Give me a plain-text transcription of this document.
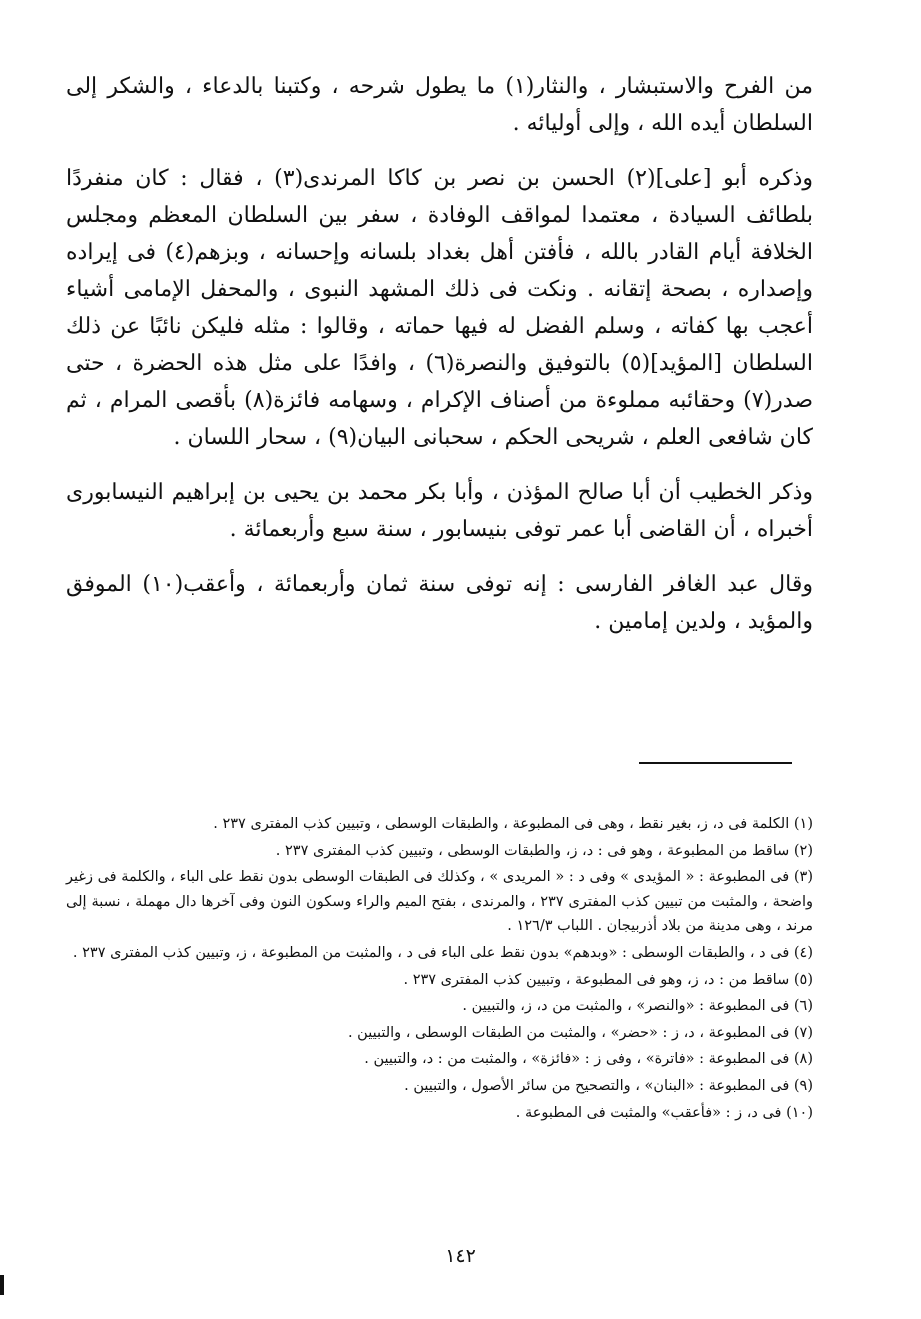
من الفرح والاستبشار ، والنثار(١) ما يطول شرحه ، وكتبنا بالدعاء ، والشكر إلى السلطان أيده الله ، وإلى أوليائه .

وذكره أبو [على](٢) الحسن بن نصر بن كاكا المرندى(٣) ، فقال : كان منفردًا بلطائف السيادة ، معتمدا لمواقف الوفادة ، سفر بين السلطان المعظم ومجلس الخلافة أيام القادر بالله ، فأفتن أهل بغداد بلسانه وإحسانه ، وبزهم(٤) فى إيراده وإصداره ، بصحة إتقانه . ونكت فى ذلك المشهد النبوى ، والمحفل الإمامى أشياء أعجب بها كفاته ، وسلم الفضل له فيها حماته ، وقالوا : مثله فليكن نائبًا عن ذلك السلطان [المؤيد](٥) بالتوفيق والنصرة(٦) ، وافدًا على مثل هذه الحضرة ، حتى صدر(٧) وحقائبه مملوءة من أصناف الإكرام ، وسهامه فائزة(٨) بأقصى المرام ، ثم كان شافعى العلم ، شريحى الحكم ، سحبانى البيان(٩) ، سحار اللسان .

وذكر الخطيب أن أبا صالح المؤذن ، وأبا بكر محمد بن يحيى بن إبراهيم النيسابورى أخبراه ، أن القاضى أبا عمر توفى بنيسابور ، سنة سبع وأربعمائة .

وقال عبد الغافر الفارسى : إنه توفى سنة ثمان وأربعمائة ، وأعقب(١٠) الموفق والمؤيد ، ولدين إمامين .

(١) الكلمة فى د، ز، بغير نقط ، وهى فى المطبوعة ، والطبقات الوسطى ، وتبيين كذب المفترى ٢٣٧ .

(٢) ساقط من المطبوعة ، وهو فى : د، ز، والطبقات الوسطى ، وتبيين كذب المفترى ٢٣٧ .

(٣) فى المطبوعة : « المؤيدى » وفى د : « المريدى » ، وكذلك فى الطبقات الوسطى بدون نقط على الباء ، والكلمة فى زغير واضحة ، والمثبت من تبيين كذب المفترى ٢٣٧ ، والمرندى ، بفتح الميم والراء وسكون النون وفى آخرها دال مهملة ، نسبة إلى مرند ، وهى مدينة من بلاد أذربيجان . اللباب ١٢٦/٣ .

(٤) فى د ، والطبقات الوسطى : «وبدهم» بدون نقط على الباء فى د ، والمثبت من المطبوعة ، ز، وتبيين كذب المفترى ٢٣٧ .

(٥) ساقط من : د، ز، وهو فى المطبوعة ، وتبيين كذب المفترى ٢٣٧ .

(٦) فى المطبوعة : «والنصر» ، والمثبت من د، ز، والتبيين .

(٧) فى المطبوعة ، د، ز : «حضر» ، والمثبت من الطبقات الوسطى ، والتبيين .

(٨) فى المطبوعة : «فاترة» ، وفى ز : «فائزة» ، والمثبت من : د، والتبيين .

(٩) فى المطبوعة : «البنان» ، والتصحيح من سائر الأصول ، والتبيين .

(١٠) فى د، ز : «فأعقب» والمثبت فى المطبوعة .

١٤٢
